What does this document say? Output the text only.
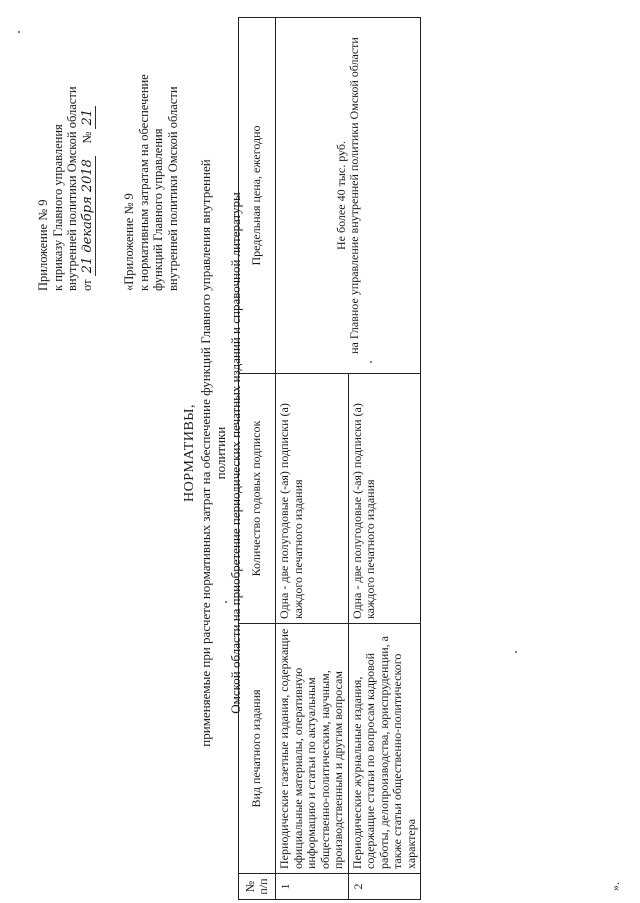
Приложение № 9 к приказу Главного управления внутренней политики Омской области от 21 декабря 2018    № 21
«Приложение № 9 к нормативным затратам на обеспечение функций Главного управления внутренней политики Омской области
НОРМАТИВЫ, применяемые при расчете нормативных затрат на обеспечение функций Главного управления внутренней политики Омской области на приобретение периодических печатных изданий и справочной литературы
№ п/п	Вид печатного издания	Количество годовых подписок	Предельная цена, ежегодно
1	Периодические газетные издания, содержащие официальные материалы, оперативную информацию и статьи по актуальным общественно-политическим, научным, производственным и другим вопросам	Одна - две полугодовые (-ая) подписки (а) каждого печатного издания	Не более 40 тыс. руб. на Главное управление внутренней политики Омской области

2	Периодические журнальные издания, содержащие статьи по вопросам кадровой работы, делопроизводства, юриспруденции, а также статьи общественно-политического характера	Одна - две полугодовые (-ая) подписки (а) каждого печатного издания	
».
